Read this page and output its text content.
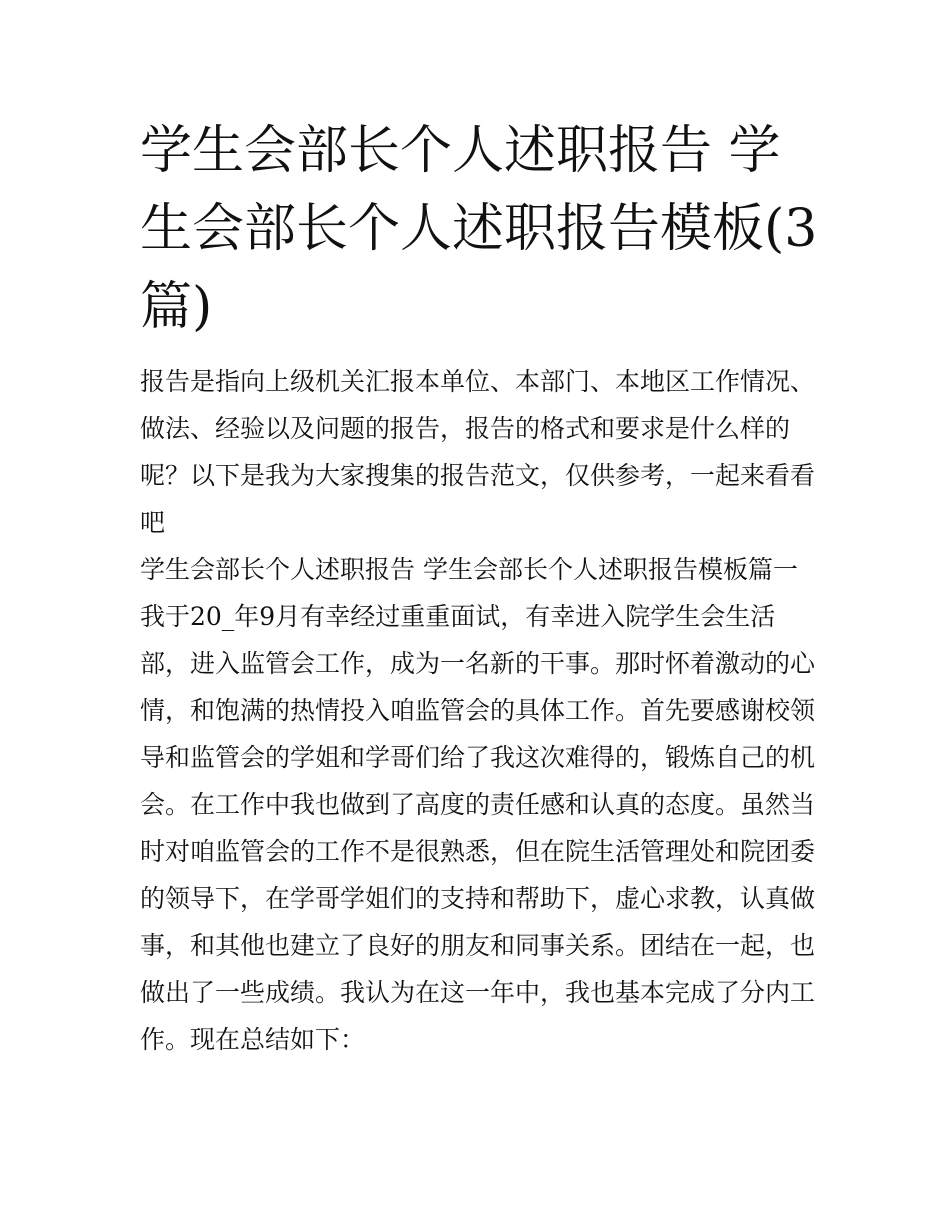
学生会部长个人述职报告 学生会部长个人述职报告模板(3篇)

报告是指向上级机关汇报本单位、本部门、本地区工作情况、做法、经验以及问题的报告，报告的格式和要求是什么样的呢？以下是我为大家搜集的报告范文，仅供参考，一起来看看吧

学生会部长个人述职报告 学生会部长个人述职报告模板篇一

我于20_年9月有幸经过重重面试，有幸进入院学生会生活部，进入监管会工作，成为一名新的干事。那时怀着激动的心情，和饱满的热情投入咱监管会的具体工作。首先要感谢校领导和监管会的学姐和学哥们给了我这次难得的，锻炼自己的机会。在工作中我也做到了高度的责任感和认真的态度。虽然当时对咱监管会的工作不是很熟悉，但在院生活管理处和院团委的领导下，在学哥学姐们的支持和帮助下，虚心求教，认真做事，和其他也建立了良好的朋友和同事关系。团结在一起，也做出了一些成绩。我认为在这一年中，我也基本完成了分内工作。现在总结如下：
